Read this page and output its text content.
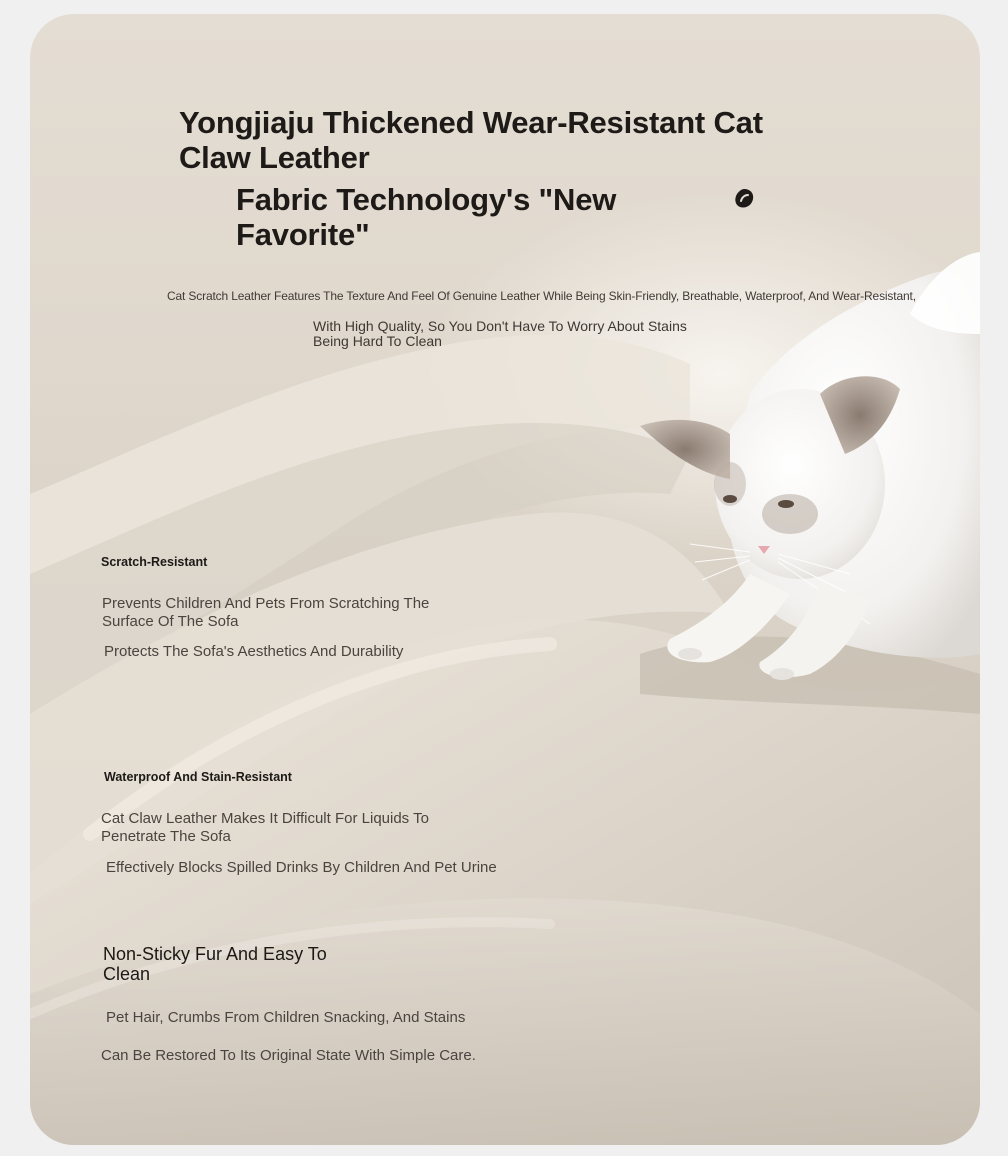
Yongjiaju Thickened Wear-Resistant Cat Claw Leather

Fabric Technology's "New Favorite"

Cat Scratch Leather Features The Texture And Feel Of Genuine Leather While Being Skin-Friendly, Breathable, Waterproof, And Wear-Resistant,

With High Quality, So You Don't Have To Worry About Stains Being Hard To Clean

Scratch-Resistant

Prevents Children And Pets From Scratching The Surface Of The Sofa

Protects The Sofa's Aesthetics And Durability

Waterproof And Stain-Resistant

Cat Claw Leather Makes It Difficult For Liquids To Penetrate The Sofa

Effectively Blocks Spilled Drinks By Children And Pet Urine

Non-Sticky Fur And Easy To Clean

Pet Hair, Crumbs From Children Snacking, And Stains

Can Be Restored To Its Original State With Simple Care.
